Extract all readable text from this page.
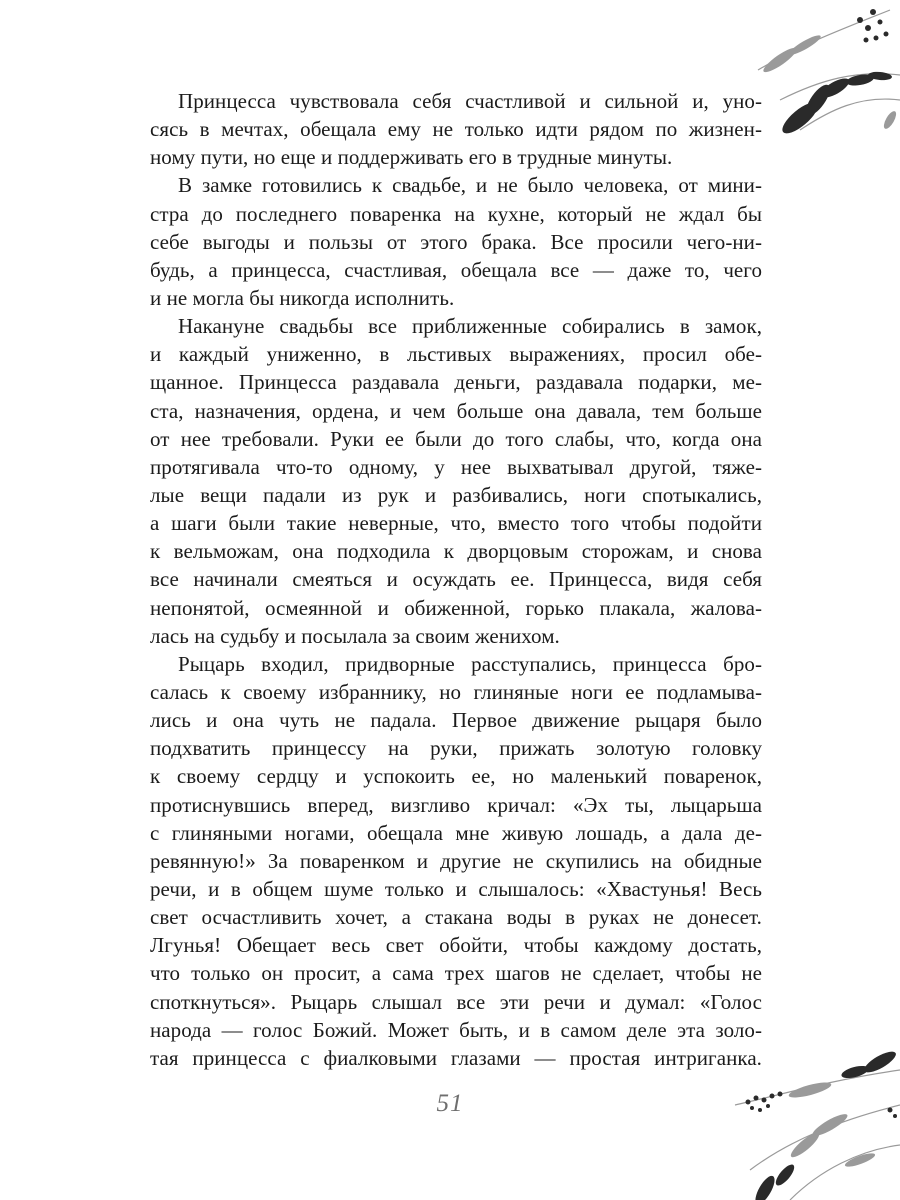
Принцесса чувствовала себя счастливой и сильной и, уно-
сясь в мечтах, обещала ему не только идти рядом по жизнен-
ному пути, но еще и поддерживать его в трудные минуты.
В замке готовились к свадьбе, и не было человека, от мини-
стра до последнего поваренка на кухне, который не ждал бы
себе выгоды и пользы от этого брака. Все просили чего-ни-
будь, а принцесса, счастливая, обещала все — даже то, чего
и не могла бы никогда исполнить.
Накануне свадьбы все приближенные собирались в замок,
и каждый униженно, в льстивых выражениях, просил обе-
щанное. Принцесса раздавала деньги, раздавала подарки, ме-
ста, назначения, ордена, и чем больше она давала, тем больше
от нее требовали. Руки ее были до того слабы, что, когда она
протягивала что-то одному, у нее выхватывал другой, тяже-
лые вещи падали из рук и разбивались, ноги спотыкались,
а шаги были такие неверные, что, вместо того чтобы подойти
к вельможам, она подходила к дворцовым сторожам, и снова
все начинали смеяться и осуждать ее. Принцесса, видя себя
непонятой, осмеянной и обиженной, горько плакала, жалова-
лась на судьбу и посылала за своим женихом.
Рыцарь входил, придворные расступались, принцесса бро-
салась к своему избраннику, но глиняные ноги ее подламыва-
лись и она чуть не падала. Первое движение рыцаря было
подхватить принцессу на руки, прижать золотую головку
к своему сердцу и успокоить ее, но маленький поваренок,
протиснувшись вперед, визгливо кричал: «Эх ты, лыцарьша
с глиняными ногами, обещала мне живую лошадь, а дала де-
ревянную!» За поваренком и другие не скупились на обидные
речи, и в общем шуме только и слышалось: «Хвастунья! Весь
свет осчастливить хочет, а стакана воды в руках не донесет.
Лгунья! Обещает весь свет обойти, чтобы каждому достать,
что только он просит, а сама трех шагов не сделает, чтобы не
споткнуться». Рыцарь слышал все эти речи и думал: «Голос
народа — голос Божий. Может быть, и в самом деле эта золо-
тая принцесса с фиалковыми глазами — простая интриганка.
51
